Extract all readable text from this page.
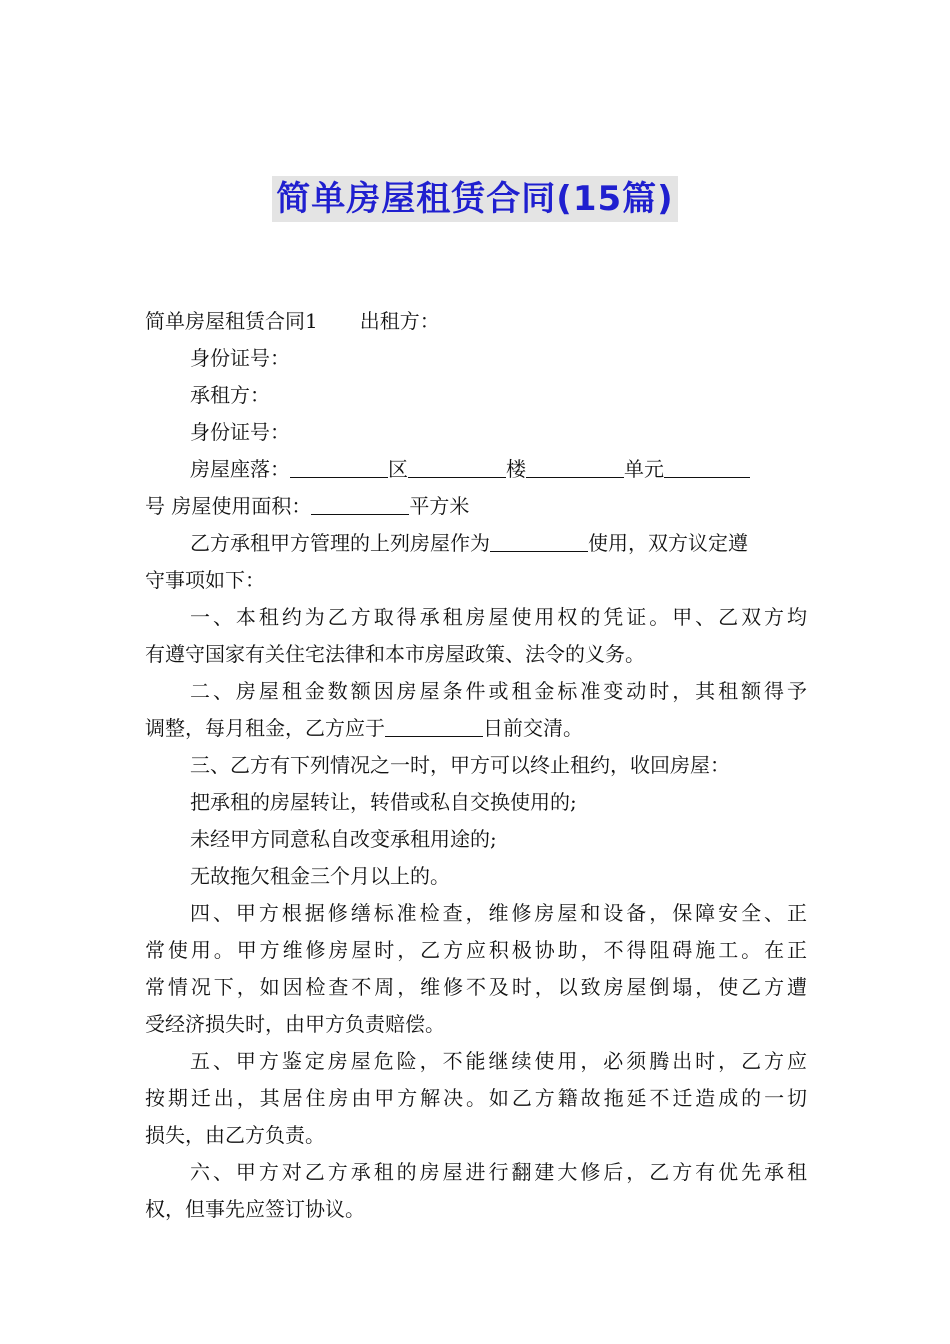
简单房屋租赁合同(15篇)
简单房屋租赁合同1 出租方：
身份证号：
承租方：
身份证号：
房屋座落：	区	楼	单元
号 房屋使用面积：	平方米
乙方承租甲方管理的上列房屋作为	使用，双方议定遵
守事项如下：
一、本租约为乙方取得承租房屋使用权的凭证。甲、乙双方均
有遵守国家有关住宅法律和本市房屋政策、法令的义务。
二、房屋租金数额因房屋条件或租金标准变动时，其租额得予
调整，每月租金，乙方应于	日前交清。
三、乙方有下列情况之一时，甲方可以终止租约，收回房屋：
把承租的房屋转让，转借或私自交换使用的;
未经甲方同意私自改变承租用途的;
无故拖欠租金三个月以上的。
四、甲方根据修缮标准检查，维修房屋和设备，保障安全、正
常使用。甲方维修房屋时，乙方应积极协助，不得阻碍施工。在正
常情况下，如因检查不周，维修不及时，以致房屋倒塌，使乙方遭
受经济损失时，由甲方负责赔偿。
五、甲方鉴定房屋危险，不能继续使用，必须腾出时，乙方应
按期迁出，其居住房由甲方解决。如乙方籍故拖延不迁造成的一切
损失，由乙方负责。
六、甲方对乙方承租的房屋进行翻建大修后，乙方有优先承租
权，但事先应签订协议。
